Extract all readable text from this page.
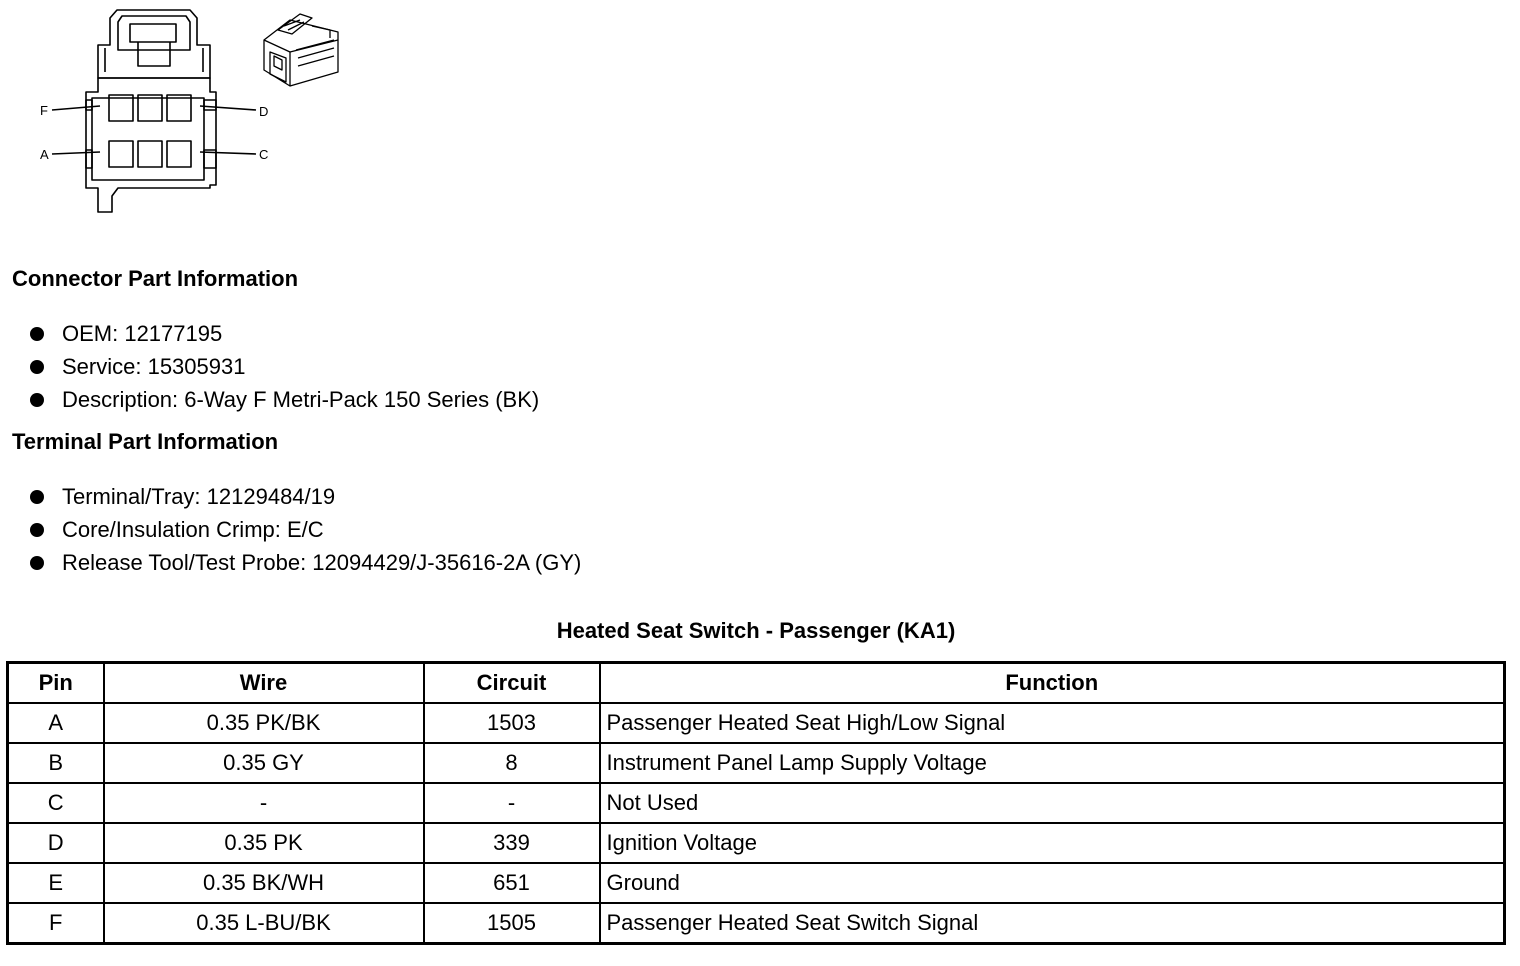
F	D
A	C
Connector Part Information
OEM: 12177195
Service: 15305931
Description: 6-Way F Metri-Pack 150 Series (BK)
Terminal Part Information
Terminal/Tray: 12129484/19
Core/Insulation Crimp: E/C
Release Tool/Test Probe: 12094429/J-35616-2A (GY)
Heated Seat Switch - Passenger (KA1)
Pin	Wire	Circuit	Function
A	0.35 PK/BK	1503	Passenger Heated Seat High/Low Signal
B	0.35 GY	8	Instrument Panel Lamp Supply Voltage
C	-	-	Not Used
D	0.35 PK	339	Ignition Voltage
E	0.35 BK/WH	651	Ground
F	0.35 L-BU/BK	1505	Passenger Heated Seat Switch Signal
